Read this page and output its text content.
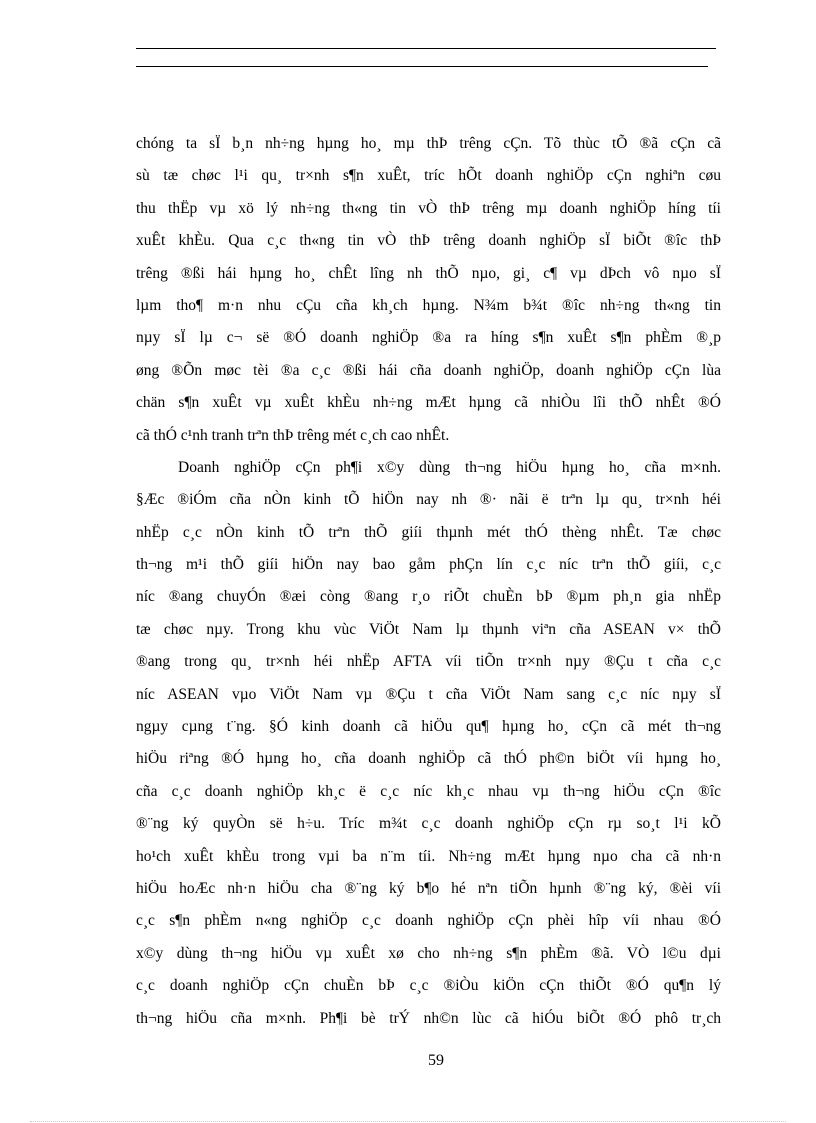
chóng ta sÏ b¸n nh÷ng hµng ho¸ mµ thÞ trêng cÇn. Tõ thùc tÕ ®ã cÇn cã
sù tæ chøc l¹i qu¸ tr×nh s¶n xuÊt, tríc hÕt doanh nghiÖp cÇn nghiªn cøu
thu thËp vµ xö lý nh÷ng th«ng tin vÒ thÞ trêng mµ doanh nghiÖp híng tíi
xuÊt khÈu. Qua c¸c th«ng tin vÒ thÞ trêng doanh nghiÖp sÏ biÕt ®îc thÞ
trêng ®ßi hái hµng ho¸ chÊt lîng nh thÕ nµo, gi¸ c¶ vµ dÞch vô nµo sÏ
lµm tho¶ m·n nhu cÇu cña kh¸ch hµng. N¾m b¾t ®îc nh÷ng th«ng tin
nµy sÏ lµ c¬ së ®Ó doanh nghiÖp ®a ra híng s¶n xuÊt s¶n phÈm ®¸p
øng ®Õn møc tèi ®a c¸c ®ßi hái cña doanh nghiÖp, doanh nghiÖp cÇn lùa
chän s¶n xuÊt vµ xuÊt khÈu nh÷ng mÆt hµng cã nhiÒu lîi thÕ nhÊt ®Ó
cã thÓ c¹nh tranh trªn thÞ trêng mét c¸ch cao nhÊt.
Doanh nghiÖp cÇn ph¶i x©y dùng th¬ng hiÖu hµng ho¸ cña m×nh.
§Æc ®iÓm cña nÒn kinh tÕ hiÖn nay nh ®· nãi ë trªn lµ qu¸ tr×nh héi
nhËp c¸c nÒn kinh tÕ trªn thÕ giíi thµnh mét thÓ thèng nhÊt. Tæ chøc
th¬ng m¹i thÕ giíi hiÖn nay bao gåm phÇn lín c¸c níc trªn thÕ giíi, c¸c
níc ®ang chuyÓn ®æi còng ®ang r¸o riÕt chuÈn bÞ ®µm ph¸n gia nhËp
tæ chøc nµy. Trong khu vùc ViÖt Nam lµ thµnh viªn cña ASEAN v× thÕ
®ang trong qu¸ tr×nh héi nhËp AFTA víi tiÕn tr×nh nµy ®Çu t cña c¸c
níc ASEAN vµo ViÖt Nam vµ ®Çu t cña ViÖt Nam sang c¸c níc nµy sÏ
ngµy cµng t¨ng. §Ó kinh doanh cã hiÖu qu¶ hµng ho¸ cÇn cã mét th¬ng
hiÖu riªng ®Ó hµng ho¸ cña doanh nghiÖp cã thÓ ph©n biÖt víi hµng ho¸
cña c¸c doanh nghiÖp kh¸c ë c¸c níc kh¸c nhau vµ th¬ng hiÖu cÇn ®îc
®¨ng ký quyÒn së h÷u. Tríc m¾t c¸c doanh nghiÖp cÇn rµ so¸t l¹i kÕ
ho¹ch xuÊt khÈu trong vµi ba n¨m tíi. Nh÷ng mÆt hµng nµo cha cã nh·n
hiÖu hoÆc nh·n hiÖu cha ®¨ng ký b¶o hé nªn tiÕn hµnh ®¨ng ký, ®èi víi
c¸c s¶n phÈm n«ng nghiÖp c¸c doanh nghiÖp cÇn phèi hîp víi nhau ®Ó
x©y dùng th¬ng hiÖu vµ xuÊt xø cho nh÷ng s¶n phÈm ®ã. VÒ l©u dµi
c¸c doanh nghiÖp cÇn chuÈn bÞ c¸c ®iÒu kiÖn cÇn thiÕt ®Ó qu¶n lý
th¬ng hiÖu cña m×nh. Ph¶i bè trÝ nh©n lùc cã hiÓu biÕt ®Ó phô tr¸ch
59
